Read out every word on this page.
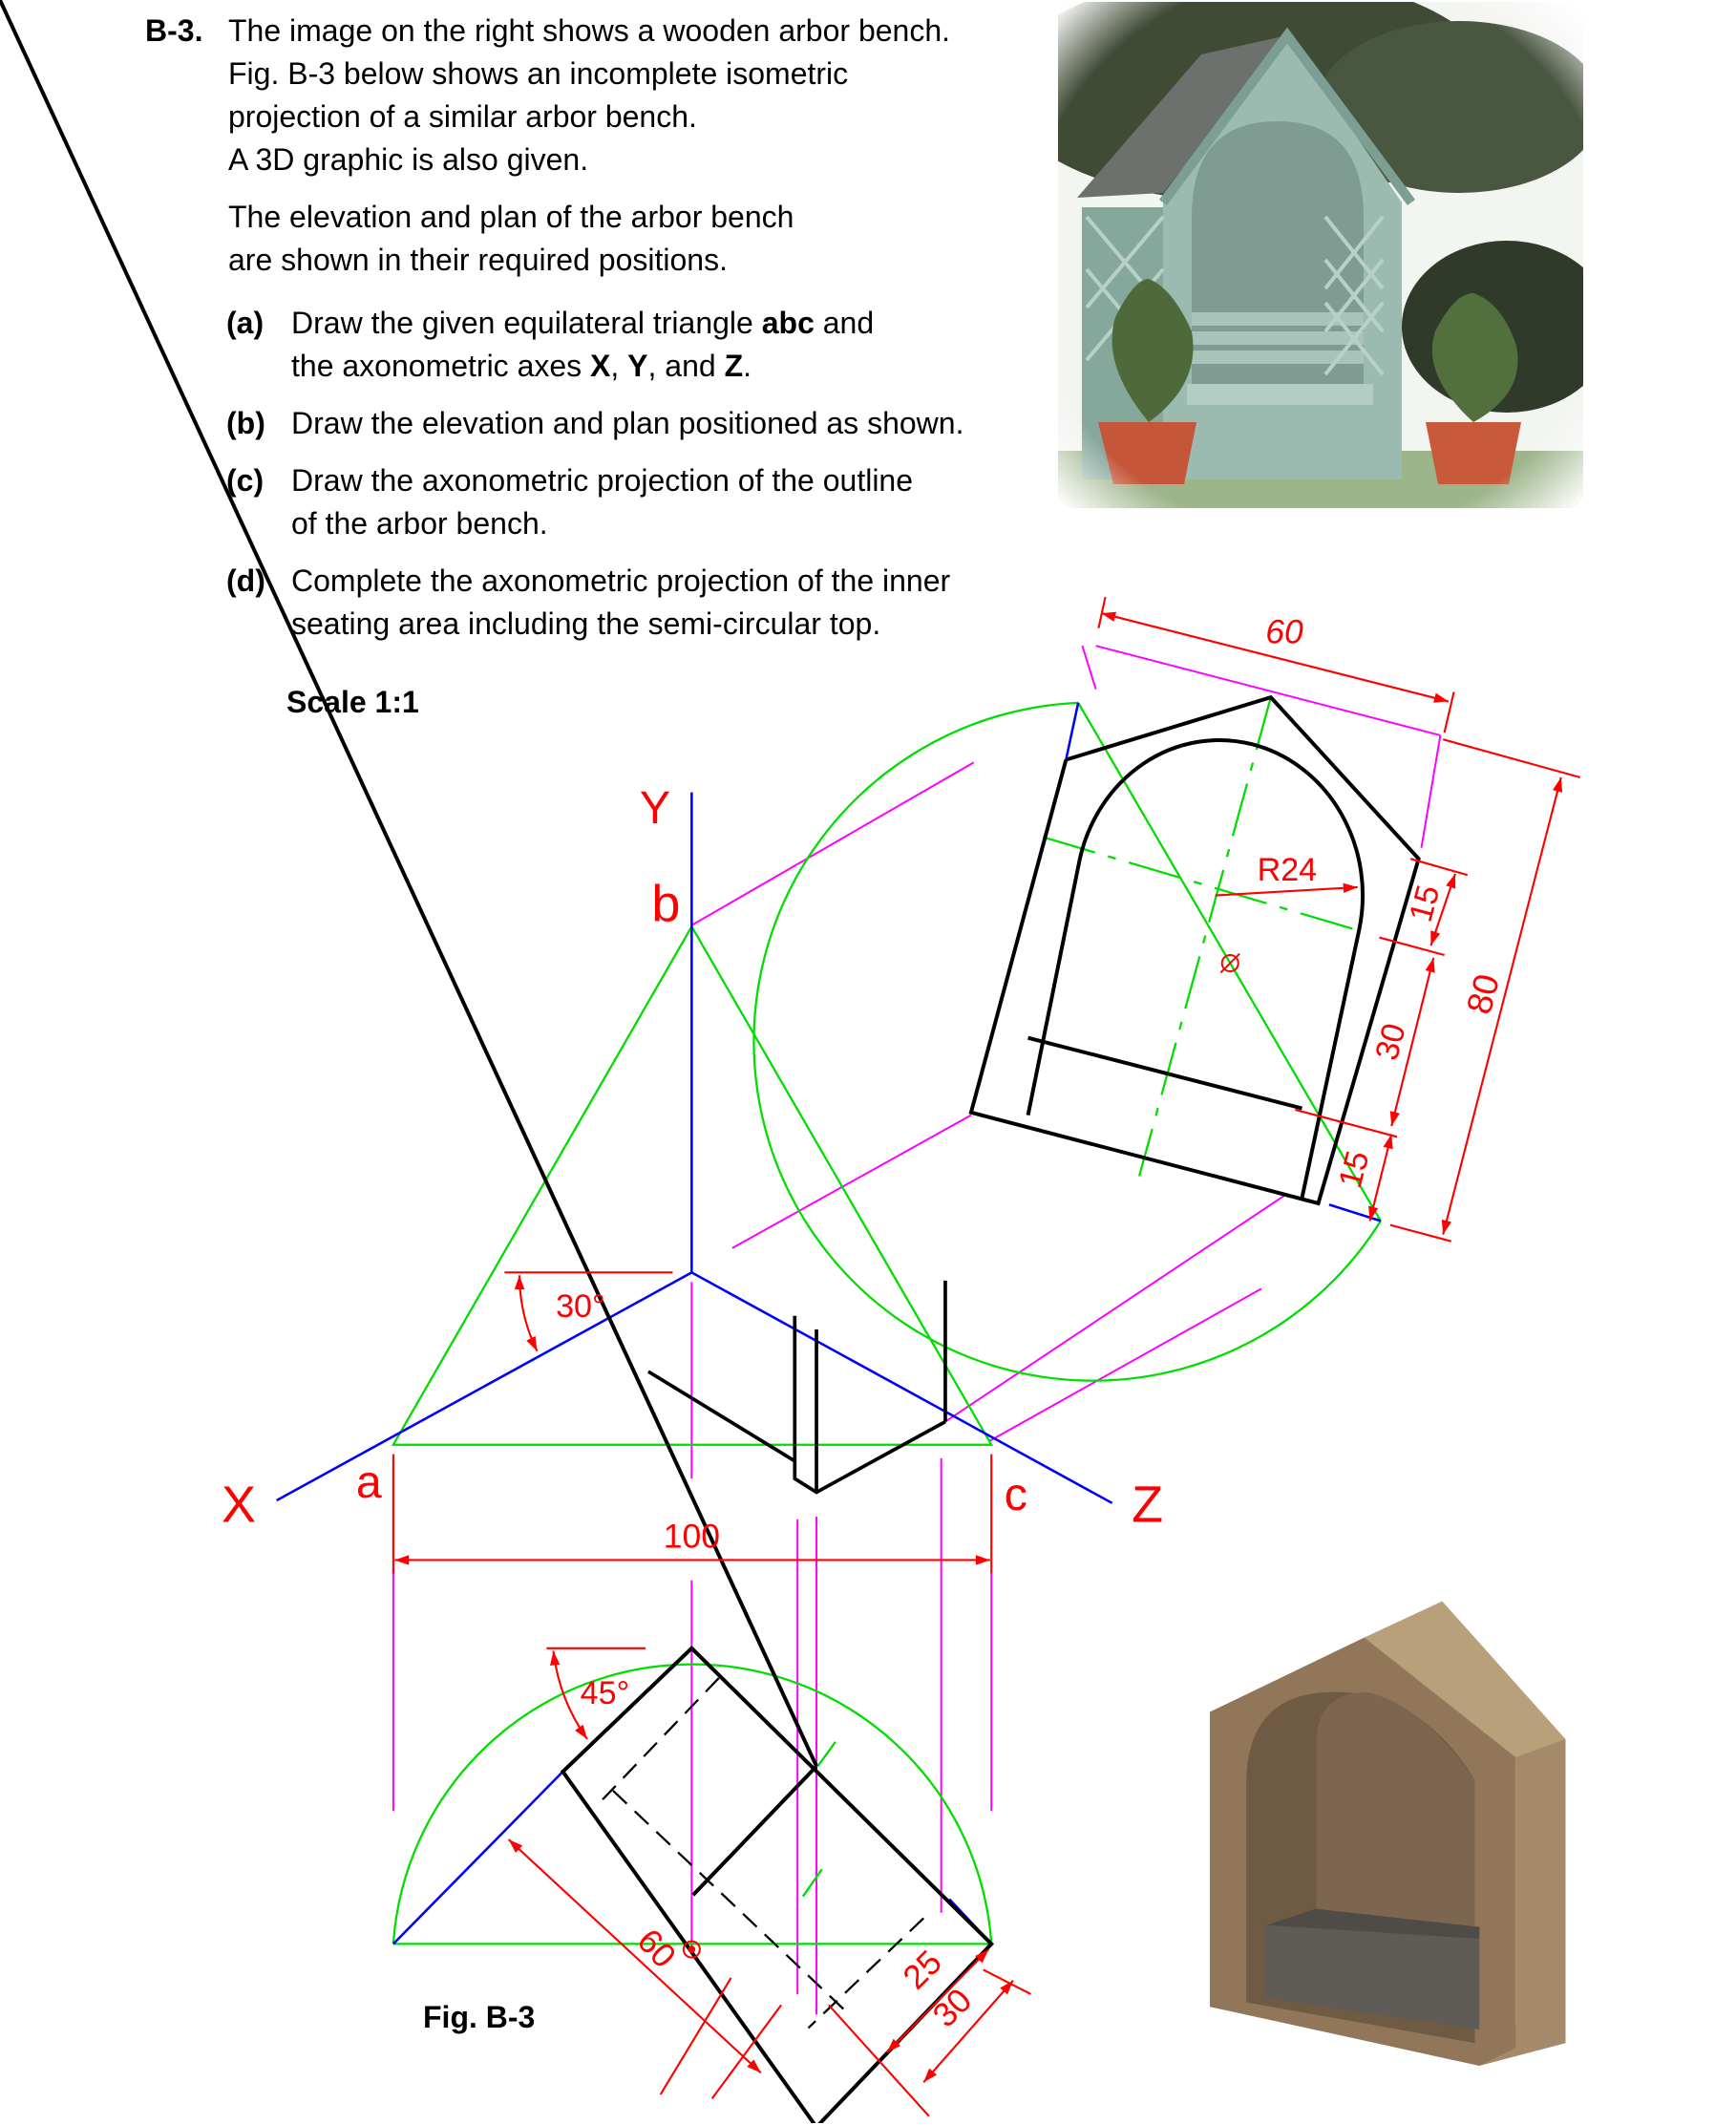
B-3. The image on the right shows a wooden arbor bench.
Fig. B-3 below shows an incomplete isometric
projection of a similar arbor bench.
A 3D graphic is also given.
The elevation and plan of the arbor bench
are shown in their required positions.
(a) Draw the given equilateral triangle abc and
the axonometric axes X, Y, and Z.
(b) Draw the elevation and plan positioned as shown.
(c) Draw the axonometric projection of the outline
of the arbor bench.
(d) Complete the axonometric projection of the inner
seating area including the semi-circular top.
Scale 1:1
Y
b
X	a	c	Z
30°
100
60
R24
15
30
15
80
45°
60	25
30
Fig. B-3
